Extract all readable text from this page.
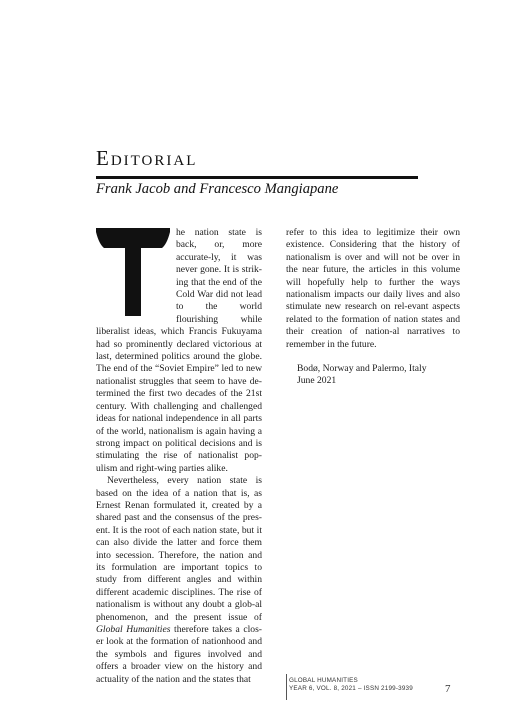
Editorial

Frank Jacob and Francesco Mangiapane

he nation state is back, or, more accurate-ly, it was never gone. It is strik-ing that the end of the Cold War did not lead to the world flourishing while liberalist ideas, which Francis Fukuyama had so prominently declared victorious at last, determined politics around the globe. The end of the “Soviet Empire” led to new nationalist struggles that seem to have de-termined the first two decades of the 21st century. With challenging and challenged ideas for national independence in all parts of the world, nationalism is again having a strong impact on political decisions and is stimulating the rise of nationalist pop-ulism and right-wing parties alike.

Nevertheless, every nation state is based on the idea of a nation that is, as Ernest Renan formulated it, created by a shared past and the consensus of the pres-ent. It is the root of each nation state, but it can also divide the latter and force them into secession. Therefore, the nation and its formulation are important topics to study from different angles and within different academic disciplines. The rise of nationalism is without any doubt a glob-al phenomenon, and the present issue of Global Humanities therefore takes a clos-er look at the formation of nationhood and the symbols and figures involved and offers a broader view on the history and actuality of the nation and the states that

refer to this idea to legitimize their own existence. Considering that the history of nationalism is over and will not be over in the near future, the articles in this volume will hopefully help to further the ways nationalism impacts our daily lives and also stimulate new research on rel-evant aspects related to the formation of nation states and their creation of nation-al narratives to remember in the future.

Bodø, Norway and Palermo, Italy
June 2021

GLOBAL HUMANITIES
YEAR 6, VOL. 8, 2021 – ISSN 2199-3939	7
